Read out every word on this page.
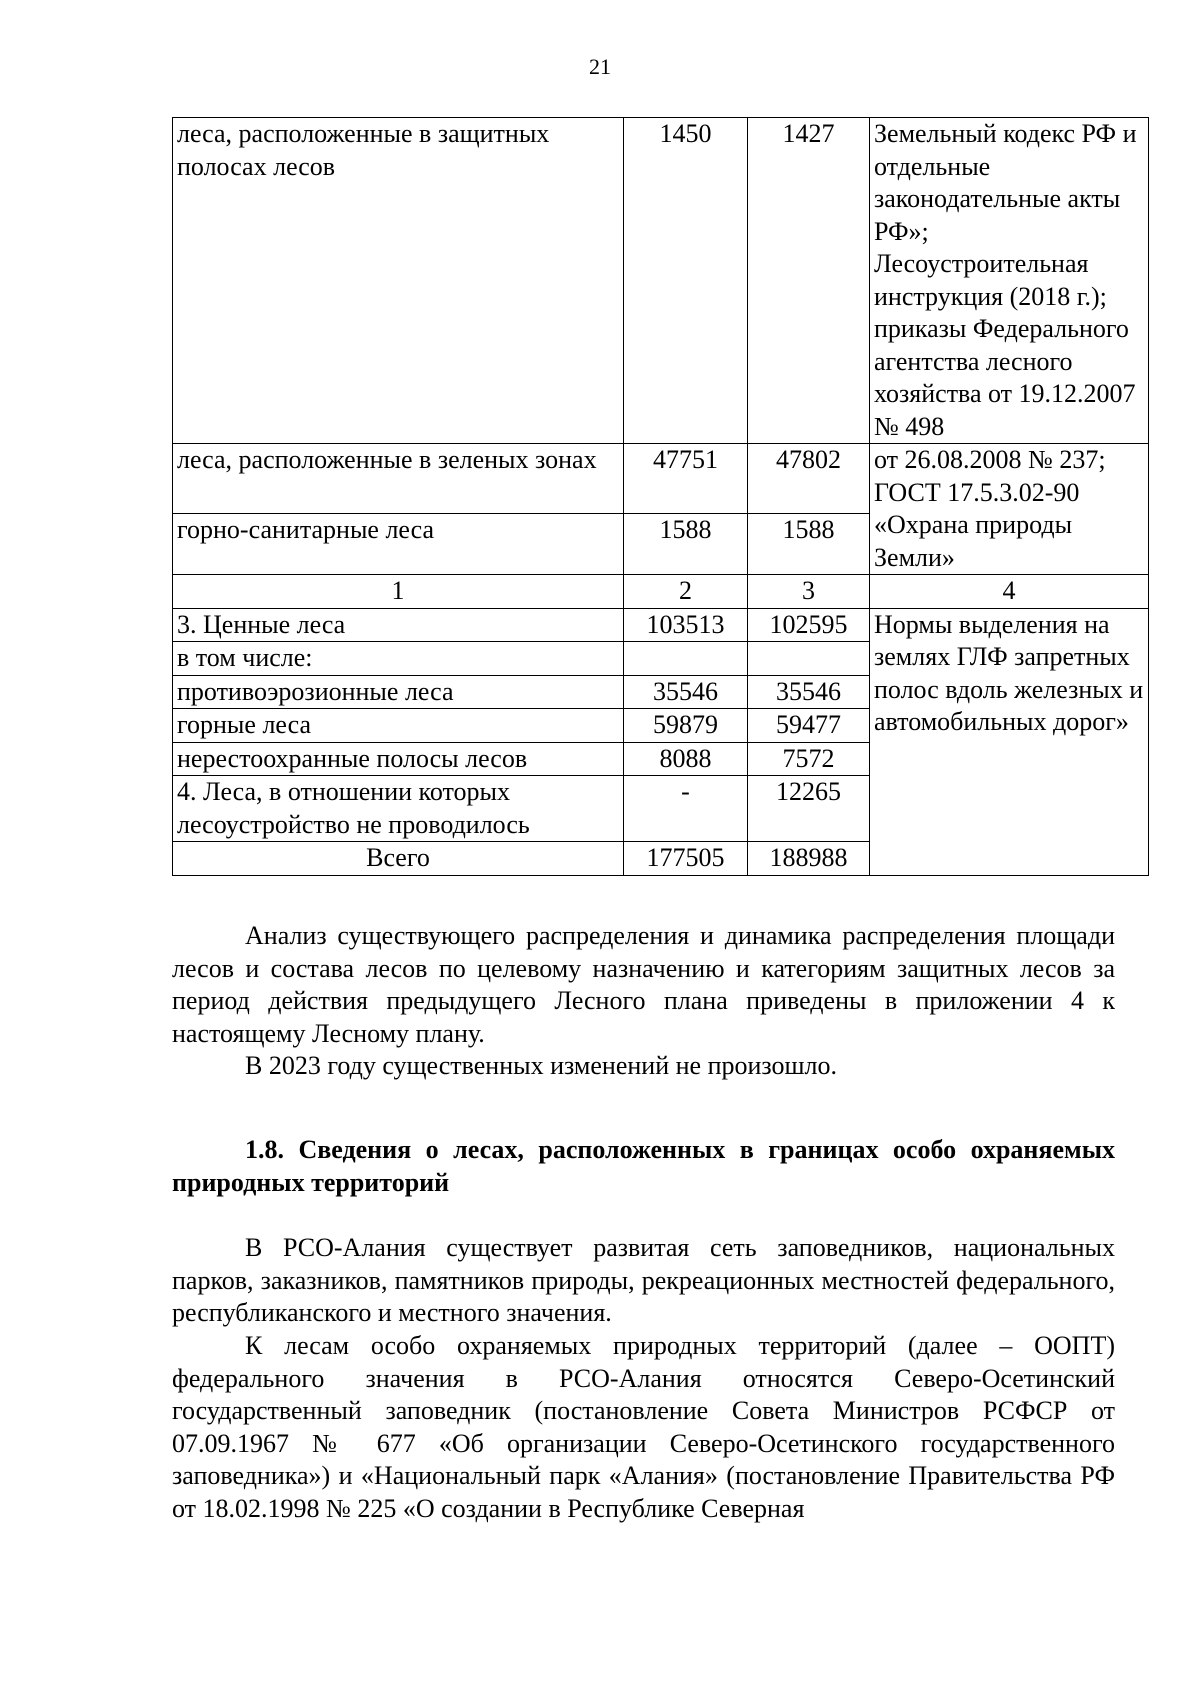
21
леса, расположенные в защитных полосах лесов	1450	1427	Земельный кодекс РФ и отдельные законодательные акты РФ»; Лесоустроительная инструкция (2018 г.); приказы Федерального агентства лесного хозяйства от 19.12.2007 № 498
леса, расположенные в зеленых зонах	47751	47802	от 26.08.2008 № 237; ГОСТ 17.5.3.02-90 «Охрана природы Земли»
горно-санитарные леса	1588	1588	
1	2	3	4
3. Ценные леса	103513	102595	Нормы выделения на землях ГЛФ запретных полос вдоль железных и автомобильных дорог»
в том числе:			
противоэрозионные леса	35546	35546	
горные леса	59879	59477	
нерестоохранные полосы лесов	8088	7572	
4. Леса, в отношении которых лесоустройство не проводилось	-	12265	
Всего	177505	188988	

Анализ существующего распределения и динамика распределения площади лесов и состава лесов по целевому назначению и категориям защитных лесов за период действия предыдущего Лесного плана приведены в приложении 4 к настоящему Лесному плану.

В 2023 году существенных изменений не произошло.

1.8. Сведения о лесах, расположенных в границах особо охраняемых природных территорий

В РСО-Алания существует развитая сеть заповедников, национальных парков, заказников, памятников природы, рекреационных местностей федерального, республиканского и местного значения.

К лесам особо охраняемых природных территорий (далее – ООПТ) федерального значения в РСО-Алания относятся Северо-Осетинский государственный заповедник (постановление Совета Министров РСФСР от 07.09.1967 № 677 «Об организации Северо-Осетинского государственного заповедника») и «Национальный парк «Алания» (постановление Правительства РФ от 18.02.1998 № 225 «О создании в Республике Северная
